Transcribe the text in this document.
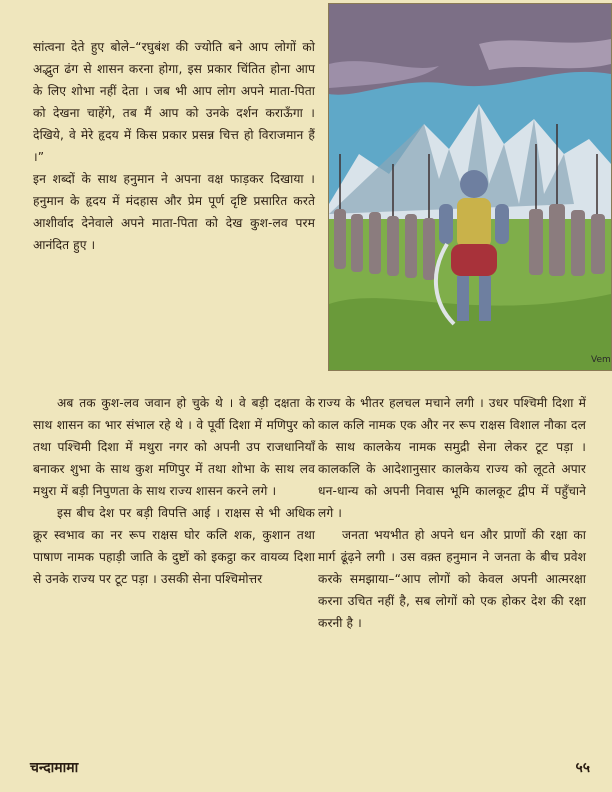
सांत्वना देते हुए बोले–“रघुबंश की ज्योति बने आप लोगों को अद्भुत ढंग से शासन करना होगा, इस प्रकार चिंतित होना आप के लिए शोभा नहीं देता । जब भी आप लोग अपने माता-पिता को देखना चाहेंगे, तब मैं आप को उनके दर्शन कराऊँगा । देखिये, वे मेरे हृदय में किस प्रकार प्रसन्न चित्त हो विराजमान हैं ।”

इन शब्दों के साथ हनुमान ने अपना वक्ष फाड़कर दिखाया । हनुमान के हृदय में मंदहास और प्रेम पूर्ण दृष्टि प्रसारित करते आशीर्वाद देनेवाले अपने माता-पिता को देख कुश-लव परम आनंदित हुए ।

Vem

अब तक कुश-लव जवान हो चुके थे । वे बड़ी दक्षता के साथ शासन का भार संभाल रहे थे । वे पूर्वी दिशा में मणिपुर को तथा पश्चिमी दिशा में मथुरा नगर को अपनी उप राजधानियाँ बनाकर शुभा के साथ कुश मणिपुर में तथा शोभा के साथ लव मथुरा में बड़ी निपुणता के साथ राज्य शासन करने लगे ।

इस बीच देश पर बड़ी विपत्ति आई । राक्षस से भी अधिक क्रूर स्वभाव का नर रूप राक्षस घोर कलि शक, कुशान तथा पाषाण नामक पहाड़ी जाति के दुष्टों को इकट्ठा कर वायव्य दिशा से उनके राज्य पर टूट पड़ा । उसकी सेना पश्चिमोत्तर

राज्य के भीतर हलचल मचाने लगी । उधर पश्चिमी दिशा में काल कलि नामक एक और नर रूप राक्षस विशाल नौका दल के साथ कालकेय नामक समुद्री सेना लेकर टूट पड़ा । कालकलि के आदेशानुसार कालकेय राज्य को लूटते अपार धन-धान्य को अपनी निवास भूमि कालकूट द्वीप में पहुँचाने लगे ।

जनता भयभीत हो अपने धन और प्राणों की रक्षा का मार्ग ढूंढ़ने लगी । उस वक़्त हनुमान ने जनता के बीच प्रवेश करके समझाया–“आप लोगों को केवल अपनी आत्मरक्षा करना उचित नहीं है, सब लोगों को एक होकर देश की रक्षा करनी है ।

चन्दामामा	५५
